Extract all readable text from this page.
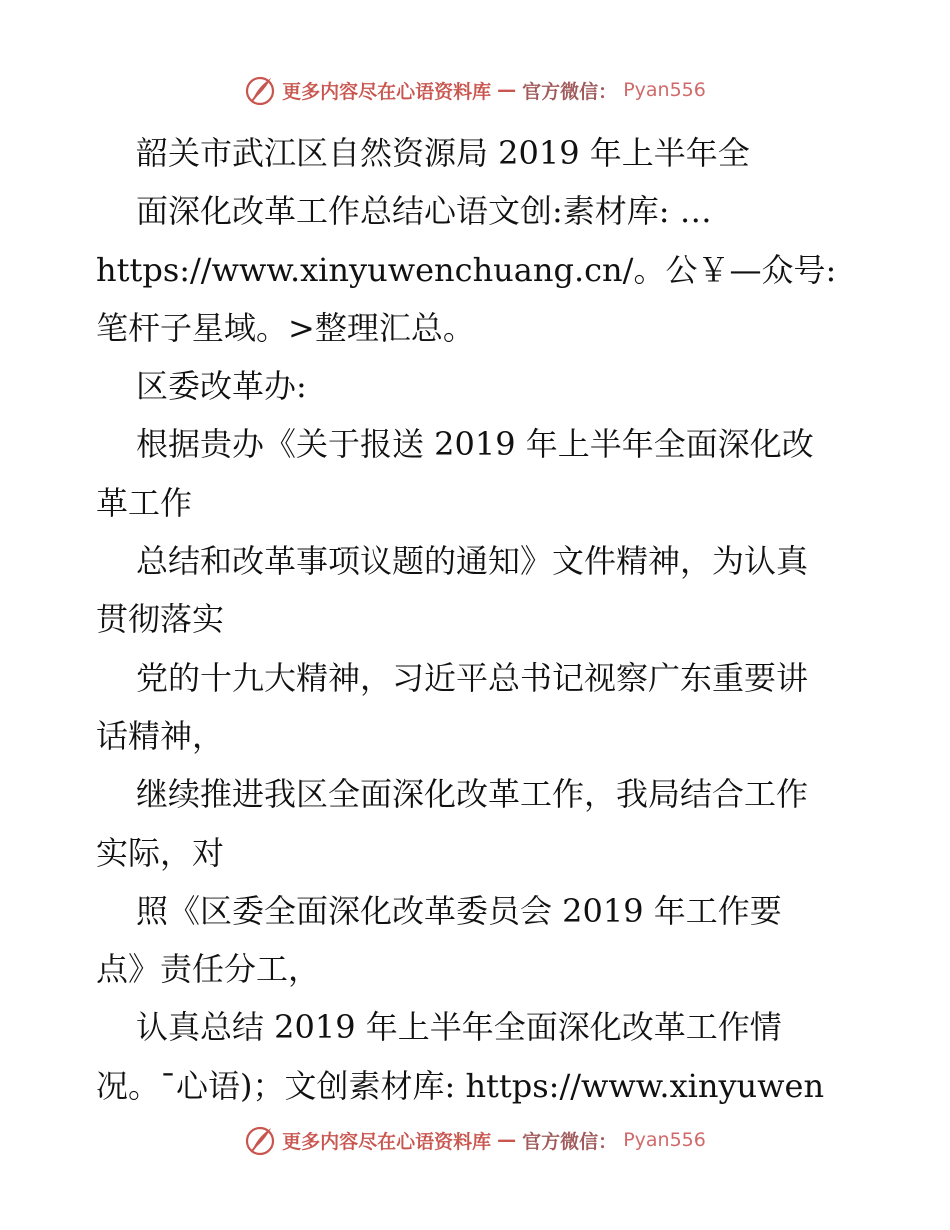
更多内容尽在心语资料库 — 官方微信： Pyan556
韶关市武江区自然资源局 2019 年上半年全
面深化改革工作总结心语文创:素材库: …
https://www.xinyuwenchuang.cn/。公￥—众号:
笔杆子星域。>整理汇总。
区委改革办:
根据贵办《关于报送 2019 年上半年全面深化改
革工作
总结和改革事项议题的通知》文件精神，为认真
贯彻落实
党的十九大精神，习近平总书记视察广东重要讲
话精神，
继续推进我区全面深化改革工作，我局结合工作
实际，对
照《区委全面深化改革委员会 2019 年工作要
点》责任分工，
认真总结 2019 年上半年全面深化改革工作情
况。¯心语)；文创素材库: https://www.xinyuwen
更多内容尽在心语资料库 — 官方微信： Pyan556
